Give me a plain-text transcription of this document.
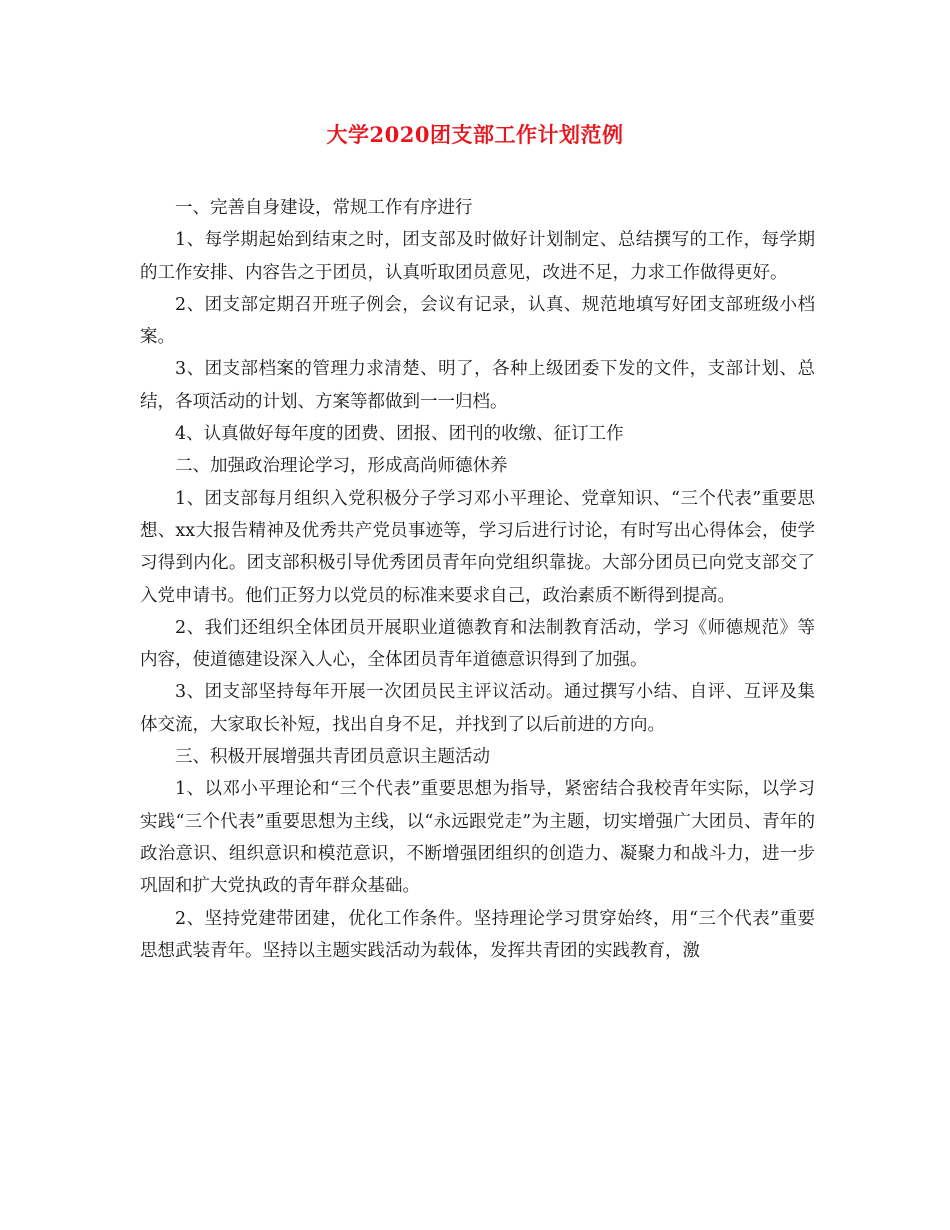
大学2020团支部工作计划范例

一、完善自身建设，常规工作有序进行

1、每学期起始到结束之时，团支部及时做好计划制定、总结撰写的工作，每学期的工作安排、内容告之于团员，认真听取团员意见，改进不足，力求工作做得更好。

2、团支部定期召开班子例会，会议有记录，认真、规范地填写好团支部班级小档案。

3、团支部档案的管理力求清楚、明了，各种上级团委下发的文件，支部计划、总结，各项活动的计划、方案等都做到一一归档。

4、认真做好每年度的团费、团报、团刊的收缴、征订工作

二、加强政治理论学习，形成高尚师德休养

1、团支部每月组织入党积极分子学习邓小平理论、党章知识、“三个代表”重要思想、xx大报告精神及优秀共产党员事迹等，学习后进行讨论，有时写出心得体会，使学习得到内化。团支部积极引导优秀团员青年向党组织靠拢。大部分团员已向党支部交了入党申请书。他们正努力以党员的标准来要求自己，政治素质不断得到提高。

2、我们还组织全体团员开展职业道德教育和法制教育活动，学习《师德规范》等内容，使道德建设深入人心，全体团员青年道德意识得到了加强。

3、团支部坚持每年开展一次团员民主评议活动。通过撰写小结、自评、互评及集体交流，大家取长补短，找出自身不足，并找到了以后前进的方向。

三、积极开展增强共青团员意识主题活动

1、以邓小平理论和“三个代表”重要思想为指导，紧密结合我校青年实际，以学习实践“三个代表”重要思想为主线，以“永远跟党走”为主题，切实增强广大团员、青年的政治意识、组织意识和模范意识，不断增强团组织的创造力、凝聚力和战斗力，进一步巩固和扩大党执政的青年群众基础。

2、坚持党建带团建，优化工作条件。坚持理论学习贯穿始终，用“三个代表”重要思想武装青年。坚持以主题实践活动为载体，发挥共青团的实践教育，激
